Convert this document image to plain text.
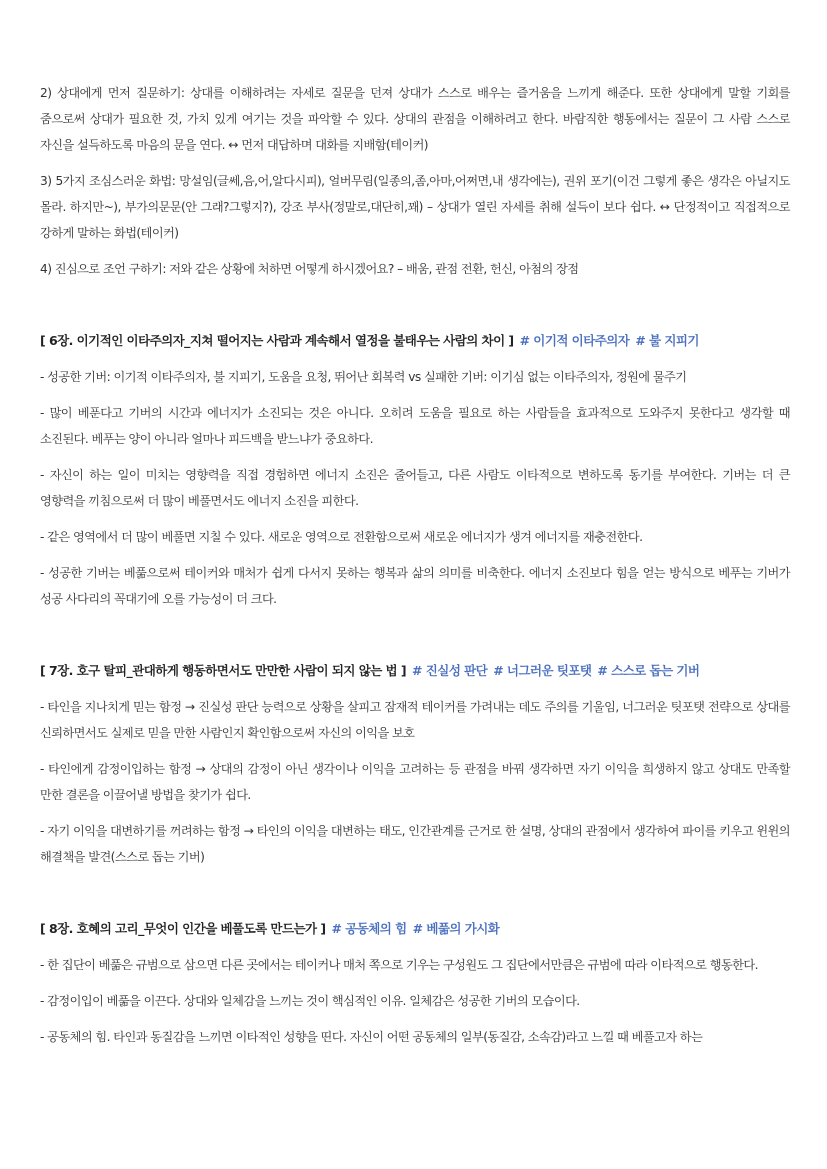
2) 상대에게 먼저 질문하기: 상대를 이해하려는 자세로 질문을 던져 상대가 스스로 배우는 즐거움을 느끼게 해준다. 또한 상대에게 말할 기회를 줌으로써 상대가 필요한 것, 가치 있게 여기는 것을 파악할 수 있다. 상대의 관점을 이해하려고 한다. 바람직한 행동에서는 질문이 그 사람 스스로 자신을 설득하도록 마음의 문을 연다. ↔ 먼저 대답하며 대화를 지배함(테이커)

3) 5가지 조심스러운 화법: 망설임(글쎄,음,어,알다시피), 얼버무림(일종의,좀,아마,어쩌면,내 생각에는), 권위 포기(이건 그렇게 좋은 생각은 아닐지도 몰라. 하지만~), 부가의문문(안 그래?그렇지?), 강조 부사(정말로,대단히,꽤) – 상대가 열린 자세를 취해 설득이 보다 쉽다. ↔ 단정적이고 직접적으로 강하게 말하는 화법(테이커)

4) 진심으로 조언 구하기: 저와 같은 상황에 처하면 어떻게 하시겠어요? – 배움, 관점 전환, 헌신, 아첨의 장점

[ 6장. 이기적인 이타주의자_지쳐 떨어지는 사람과 계속해서 열정을 불태우는 사람의 차이 ] # 이기적 이타주의자 # 불 지피기

- 성공한 기버: 이기적 이타주의자, 불 지피기, 도움을 요청, 뛰어난 회복력 vs 실패한 기버: 이기심 없는 이타주의자, 정원에 물주기

- 많이 베푼다고 기버의 시간과 에너지가 소진되는 것은 아니다. 오히려 도움을 필요로 하는 사람들을 효과적으로 도와주지 못한다고 생각할 때 소진된다. 베푸는 양이 아니라 얼마나 피드백을 받느냐가 중요하다.

- 자신이 하는 일이 미치는 영향력을 직접 경험하면 에너지 소진은 줄어들고, 다른 사람도 이타적으로 변하도록 동기를 부여한다. 기버는 더 큰 영향력을 끼침으로써 더 많이 베풀면서도 에너지 소진을 피한다.

- 같은 영역에서 더 많이 베풀면 지칠 수 있다. 새로운 영역으로 전환함으로써 새로운 에너지가 생겨 에너지를 재충전한다.

- 성공한 기버는 베풂으로써 테이커와 매처가 쉽게 다서지 못하는 행복과 삶의 의미를 비축한다. 에너지 소진보다 힘을 얻는 방식으로 베푸는 기버가 성공 사다리의 꼭대기에 오를 가능성이 더 크다.

[ 7장. 호구 탈피_관대하게 행동하면서도 만만한 사람이 되지 않는 법 ] # 진실성 판단 # 너그러운 팃포탯 # 스스로 돕는 기버

- 타인을 지나치게 믿는 함정 → 진실성 판단 능력으로 상황을 살피고 잠재적 테이커를 가려내는 데도 주의를 기울임, 너그러운 팃포탯 전략으로 상대를 신뢰하면서도 실제로 믿을 만한 사람인지 확인함으로써 자신의 이익을 보호

- 타인에게 감정이입하는 함정 → 상대의 감정이 아닌 생각이나 이익을 고려하는 등 관점을 바꿔 생각하면 자기 이익을 희생하지 않고 상대도 만족할 만한 결론을 이끌어낼 방법을 찾기가 쉽다.

- 자기 이익을 대변하기를 꺼려하는 함정 → 타인의 이익을 대변하는 태도, 인간관계를 근거로 한 설명, 상대의 관점에서 생각하여 파이를 키우고 윈윈의 해결책을 발견(스스로 돕는 기버)

[ 8장. 호혜의 고리_무엇이 인간을 베풀도록 만드는가 ] # 공동체의 힘 # 베풂의 가시화

- 한 집단이 베풂은 규범으로 삼으면 다른 곳에서는 테이커나 매처 쪽으로 기우는 구성원도 그 집단에서만큼은 규범에 따라 이타적으로 행동한다.

- 감정이입이 베풂을 이끈다. 상대와 일체감을 느끼는 것이 핵심적인 이유. 일체감은 성공한 기버의 모습이다.

- 공동체의 힘. 타인과 동질감을 느끼면 이타적인 성향을 띤다. 자신이 어떤 공동체의 일부(동질감, 소속감)라고 느낄 때 베풀고자 하는
